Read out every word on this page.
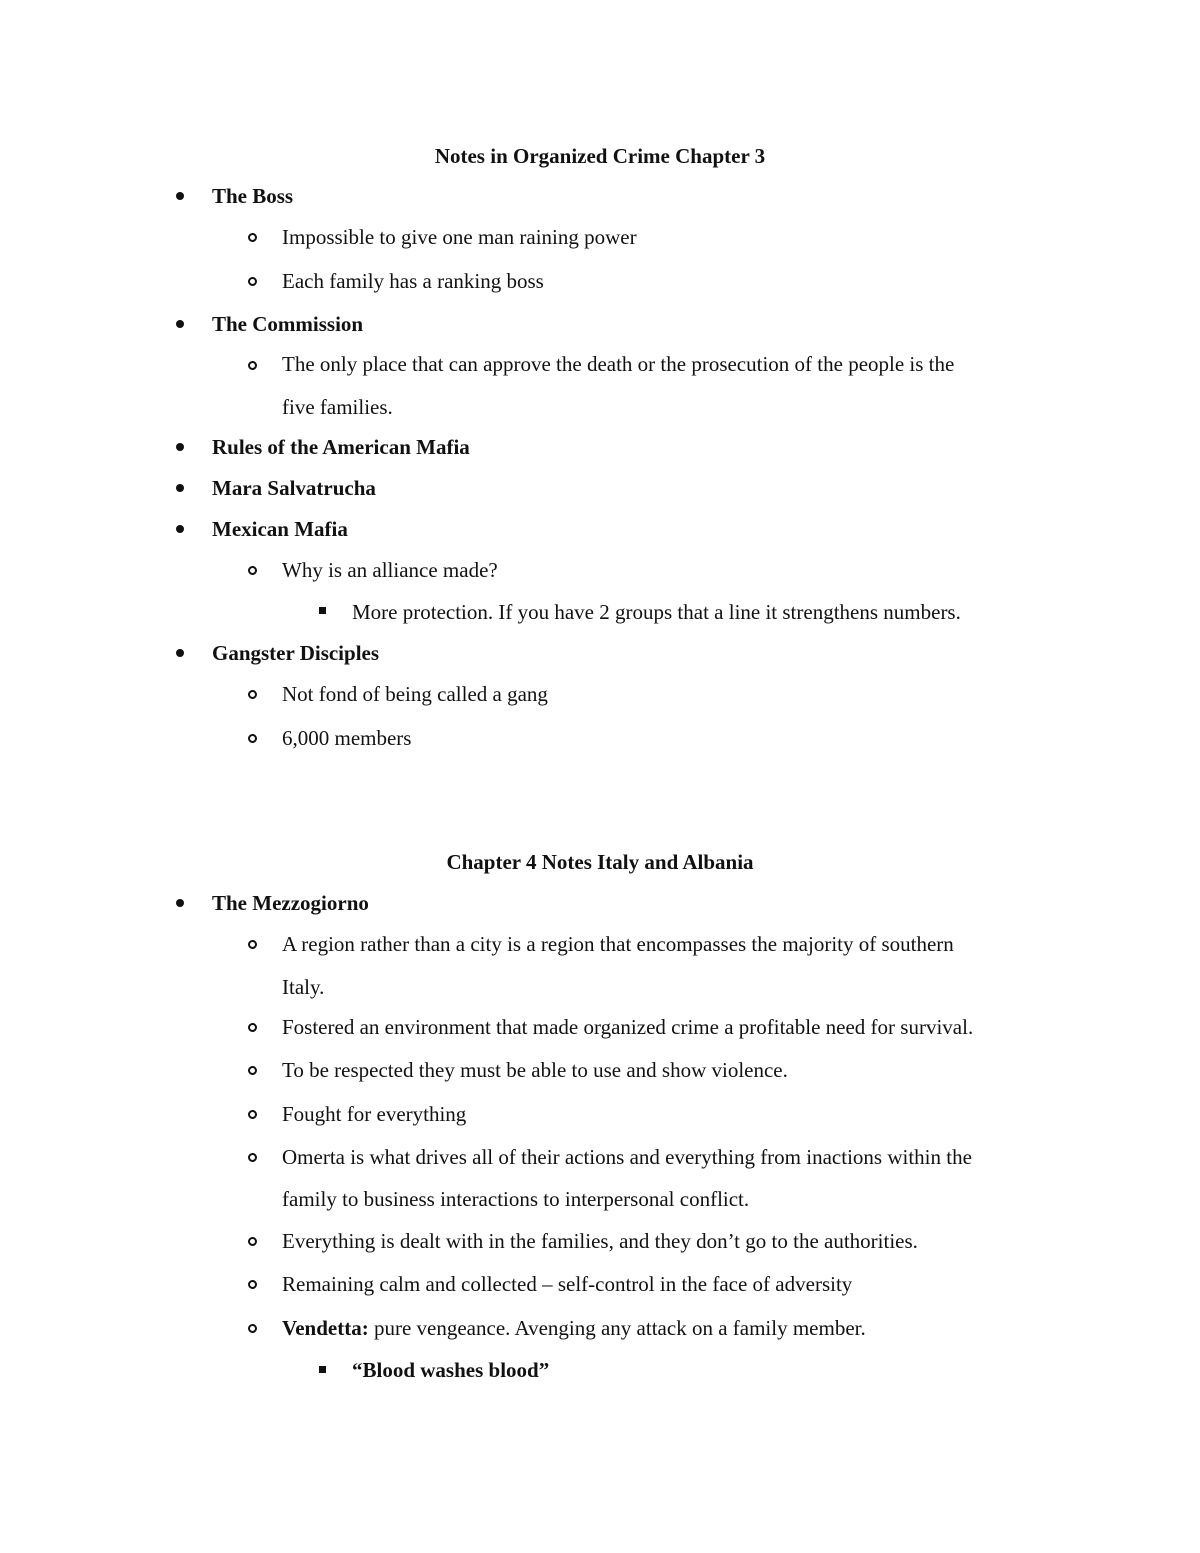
Notes in Organized Crime Chapter 3
The Boss
Impossible to give one man raining power
Each family has a ranking boss
The Commission
The only place that can approve the death or the prosecution of the people is the
five families.
Rules of the American Mafia
Mara Salvatrucha
Mexican Mafia
Why is an alliance made?
More protection. If you have 2 groups that a line it strengthens numbers.
Gangster Disciples
Not fond of being called a gang
6,000 members
Chapter 4 Notes Italy and Albania
The Mezzogiorno
A region rather than a city is a region that encompasses the majority of southern
Italy.
Fostered an environment that made organized crime a profitable need for survival.
To be respected they must be able to use and show violence.
Fought for everything
Omerta is what drives all of their actions and everything from inactions within the
family to business interactions to interpersonal conflict.
Everything is dealt with in the families, and they don’t go to the authorities.
Remaining calm and collected – self-control in the face of adversity
Vendetta: pure vengeance. Avenging any attack on a family member.
“Blood washes blood”
